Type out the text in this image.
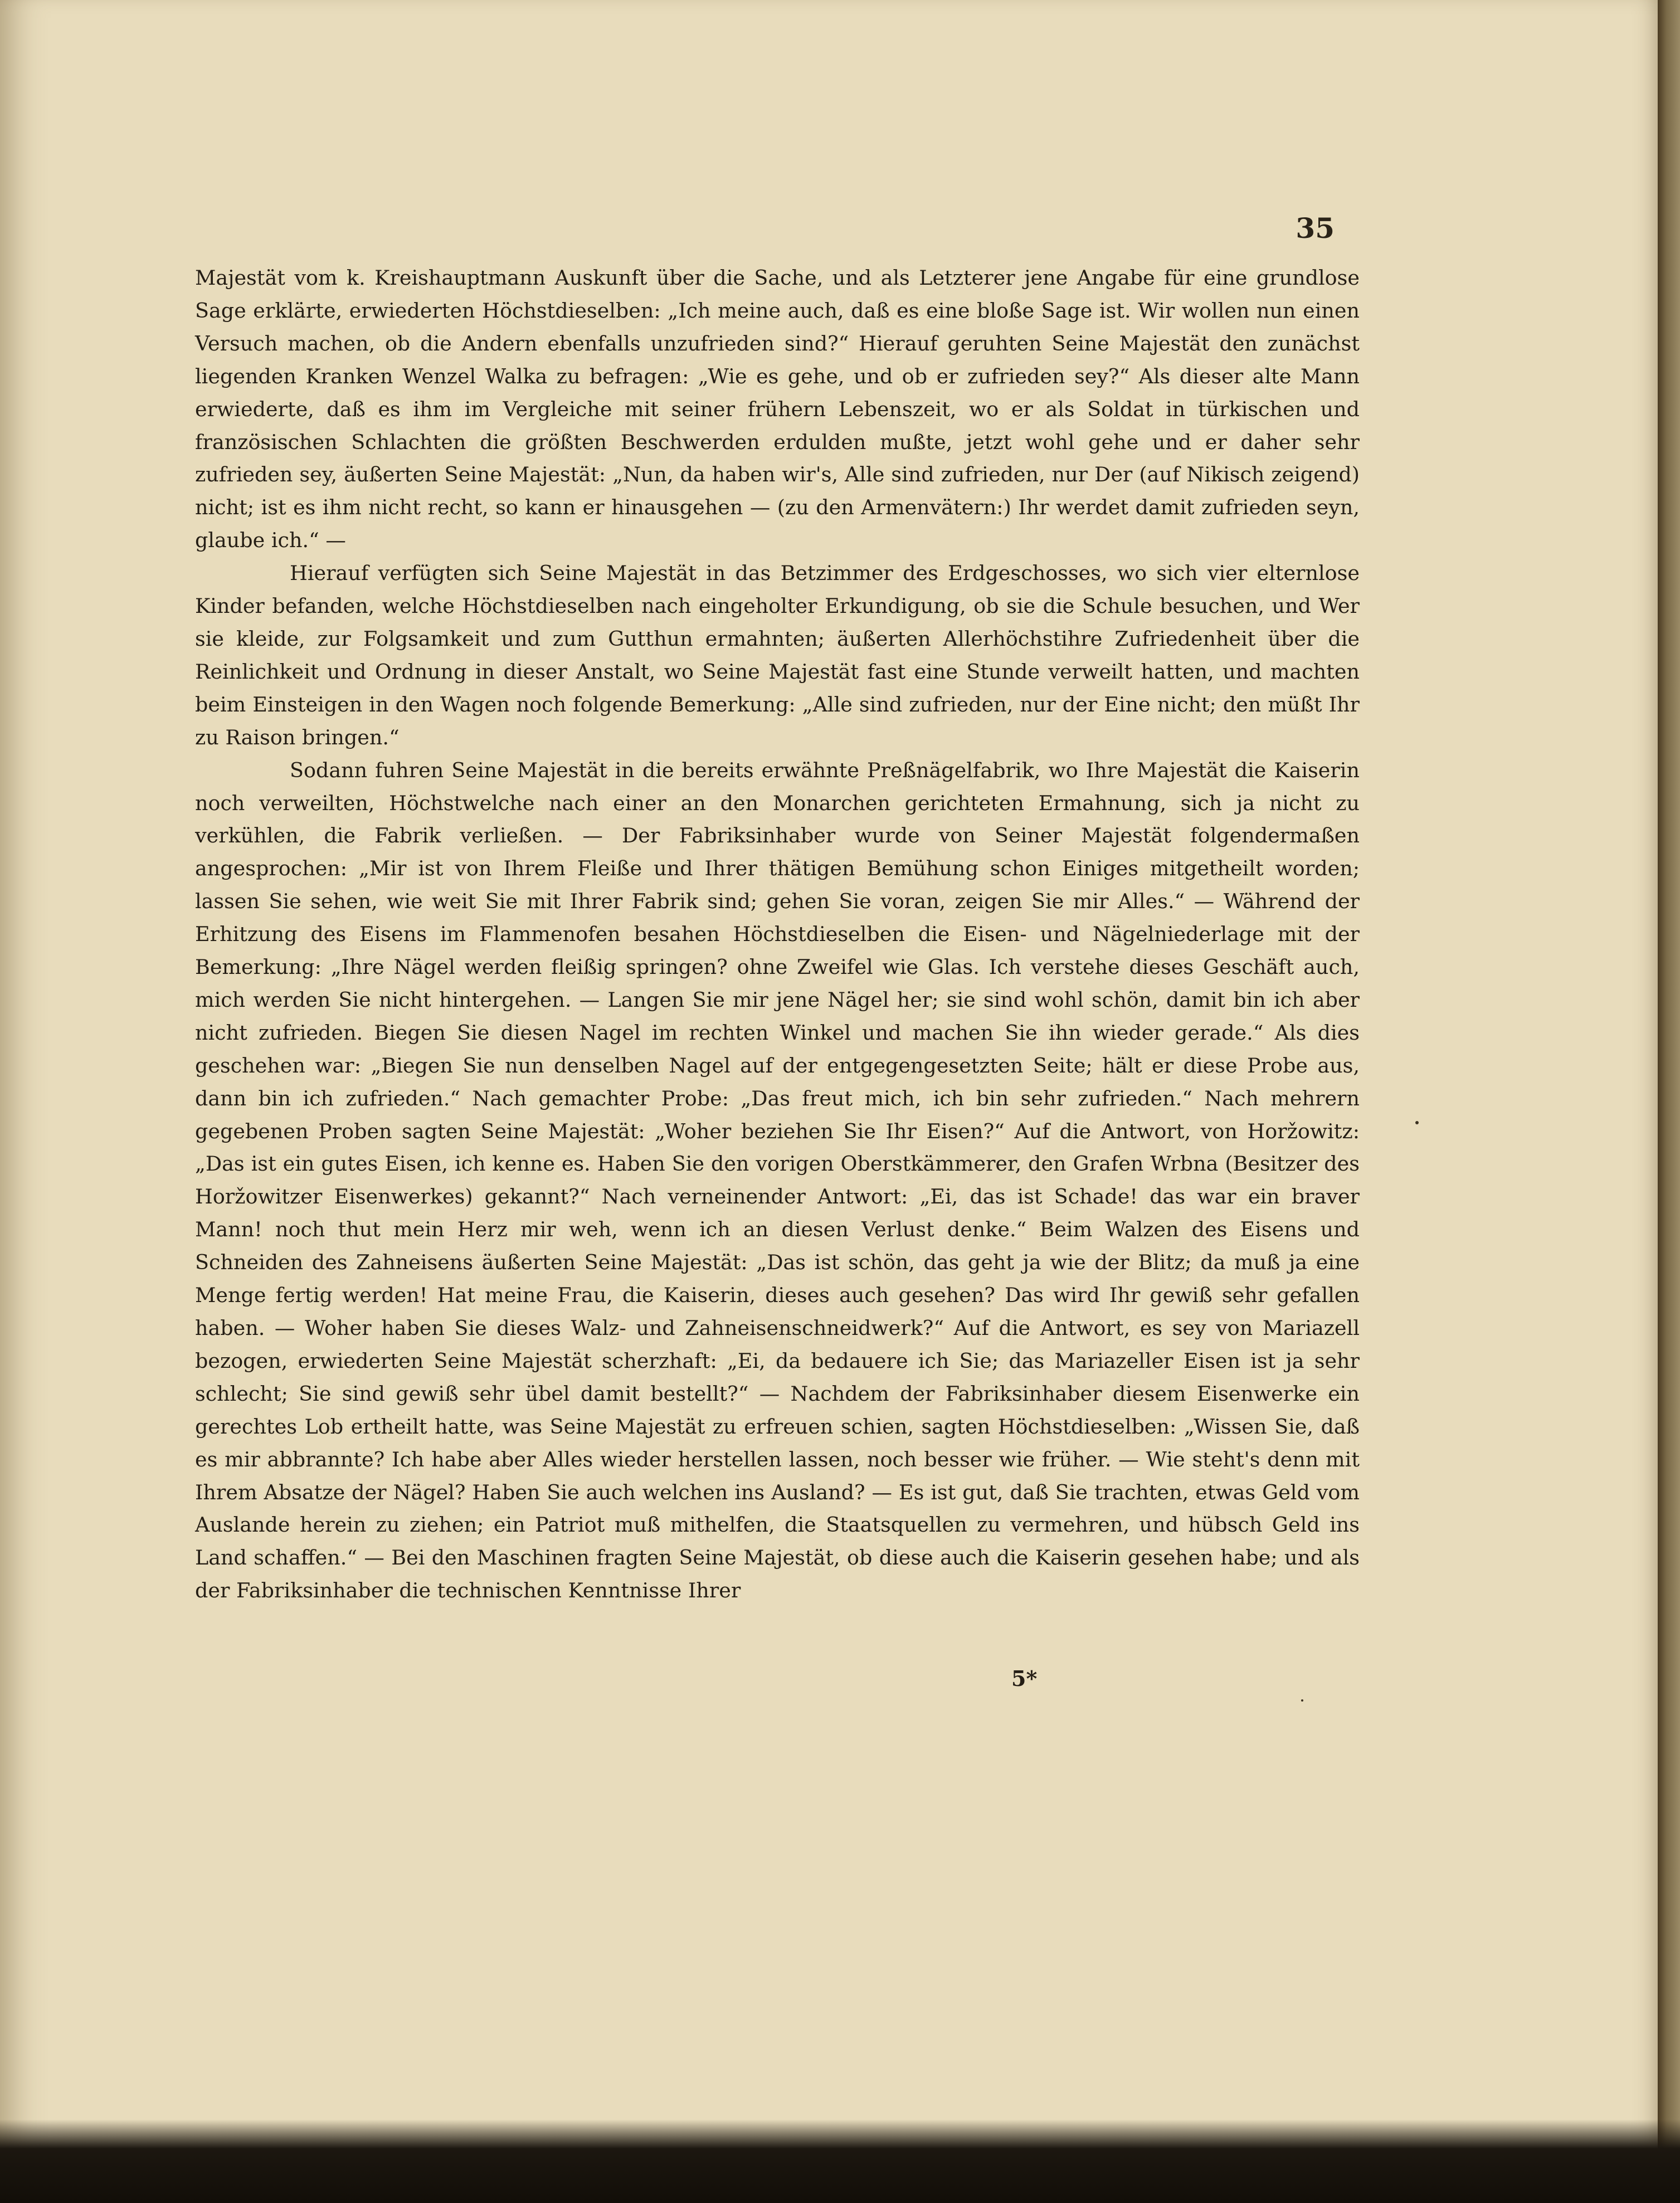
35

Majestät vom k. Kreishauptmann Auskunft über die Sache, und als Letzterer jene Angabe für eine grundlose Sage erklärte, erwiederten Höchstdieselben: „Ich meine auch, daß es eine bloße Sage ist. Wir wollen nun einen Versuch machen, ob die Andern ebenfalls unzufrieden sind?“ Hierauf geruhten Seine Majestät den zunächst liegenden Kranken Wenzel Walka zu befragen: „Wie es gehe, und ob er zufrieden sey?“ Als dieser alte Mann erwiederte, daß es ihm im Vergleiche mit seiner frühern Lebenszeit, wo er als Soldat in türkischen und französischen Schlachten die größten Beschwerden erdulden mußte, jetzt wohl gehe und er daher sehr zufrieden sey, äußerten Seine Majestät: „Nun, da haben wir's, Alle sind zufrieden, nur Der (auf Nikisch zeigend) nicht; ist es ihm nicht recht, so kann er hinausgehen — (zu den Armenvätern:) Ihr werdet damit zufrieden seyn, glaube ich.“ —

Hierauf verfügten sich Seine Majestät in das Betzimmer des Erdgeschosses, wo sich vier elternlose Kinder befanden, welche Höchstdieselben nach eingeholter Erkundigung, ob sie die Schule besuchen, und Wer sie kleide, zur Folgsamkeit und zum Gutthun ermahnten; äußerten Allerhöchstihre Zufriedenheit über die Reinlichkeit und Ordnung in dieser Anstalt, wo Seine Majestät fast eine Stunde verweilt hatten, und machten beim Einsteigen in den Wagen noch folgende Bemerkung: „Alle sind zufrieden, nur der Eine nicht; den müßt Ihr zu Raison bringen.“

Sodann fuhren Seine Majestät in die bereits erwähnte Preßnägelfabrik, wo Ihre Majestät die Kaiserin noch verweilten, Höchstwelche nach einer an den Monarchen gerichteten Ermahnung, sich ja nicht zu verkühlen, die Fabrik verließen. — Der Fabriksinhaber wurde von Seiner Majestät folgendermaßen angesprochen: „Mir ist von Ihrem Fleiße und Ihrer thätigen Bemühung schon Einiges mitgetheilt worden; lassen Sie sehen, wie weit Sie mit Ihrer Fabrik sind; gehen Sie voran, zeigen Sie mir Alles.“ — Während der Erhitzung des Eisens im Flammenofen besahen Höchstdieselben die Eisen- und Nägelniederlage mit der Bemerkung: „Ihre Nägel werden fleißig springen? ohne Zweifel wie Glas. Ich verstehe dieses Geschäft auch, mich werden Sie nicht hintergehen. — Langen Sie mir jene Nägel her; sie sind wohl schön, damit bin ich aber nicht zufrieden. Biegen Sie diesen Nagel im rechten Winkel und machen Sie ihn wieder gerade.“ Als dies geschehen war: „Biegen Sie nun denselben Nagel auf der entgegengesetzten Seite; hält er diese Probe aus, dann bin ich zufrieden.“ Nach gemachter Probe: „Das freut mich, ich bin sehr zufrieden.“ Nach mehrern gegebenen Proben sagten Seine Majestät: „Woher beziehen Sie Ihr Eisen?“ Auf die Antwort, von Horžowitz: „Das ist ein gutes Eisen, ich kenne es. Haben Sie den vorigen Oberstkämmerer, den Grafen Wrbna (Besitzer des Horžowitzer Eisenwerkes) gekannt?“ Nach verneinender Antwort: „Ei, das ist Schade! das war ein braver Mann! noch thut mein Herz mir weh, wenn ich an diesen Verlust denke.“ Beim Walzen des Eisens und Schneiden des Zahneisens äußerten Seine Majestät: „Das ist schön, das geht ja wie der Blitz; da muß ja eine Menge fertig werden! Hat meine Frau, die Kaiserin, dieses auch gesehen? Das wird Ihr gewiß sehr gefallen haben. — Woher haben Sie dieses Walz- und Zahneisenschneidwerk?“ Auf die Antwort, es sey von Mariazell bezogen, erwiederten Seine Majestät scherzhaft: „Ei, da bedauere ich Sie; das Mariazeller Eisen ist ja sehr schlecht; Sie sind gewiß sehr übel damit bestellt?“ — Nachdem der Fabriksinhaber diesem Eisenwerke ein gerechtes Lob ertheilt hatte, was Seine Majestät zu erfreuen schien, sagten Höchstdieselben: „Wissen Sie, daß es mir abbrannte? Ich habe aber Alles wieder herstellen lassen, noch besser wie früher. — Wie steht's denn mit Ihrem Absatze der Nägel? Haben Sie auch welchen ins Ausland? — Es ist gut, daß Sie trachten, etwas Geld vom Auslande herein zu ziehen; ein Patriot muß mithelfen, die Staatsquellen zu vermehren, und hübsch Geld ins Land schaffen.“ — Bei den Maschinen fragten Seine Majestät, ob diese auch die Kaiserin gesehen habe; und als der Fabriksinhaber die technischen Kenntnisse Ihrer

5*
